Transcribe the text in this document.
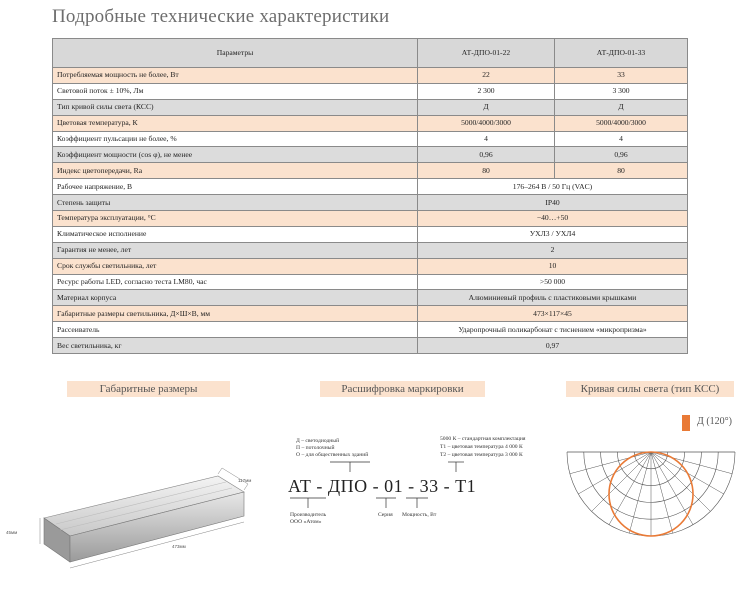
Подробные технические характеристики
Параметры	АТ-ДПО-01-22	АТ-ДПО-01-33
Потребляемая мощность не более, Вт	22	33
Световой поток ± 10%, Лм	2 300	3 300
Тип кривой силы света (КСС)	Д	Д
Цветовая температура, К	5000/4000/3000	5000/4000/3000
Коэффициент пульсации не более, %	4	4
Коэффициент мощности (cos φ), не менее	0,96	0,96
Индекс цветопередачи, Ra	80	80
Рабочее напряжение, В	176–264 В / 50 Гц (VAC)	
Степень защиты	IP40	
Температура эксплуатации, °С	−40…+50	
Климатическое исполнение	УХЛ3 / УХЛ4	
Гарантия не менее, лет	2	
Срок службы светильника, лет	10	
Ресурс работы LED, согласно теста LM80, час	>50 000	
Материал корпуса	Алюминиевый профиль с пластиковыми крышками	
Габаритные размеры светильника, Д×Ш×В, мм	473×117×45	
Рассеиватель	Ударопрочный поликарбонат с тиснением «микропризма»	
Вес светильника, кг	0,97	
Габаритные размеры	Расшифровка маркировки	Кривая силы света (тип КСС)
117мм
45мм
473мм
Д – светодиодный
П – потолочный
О – для общественных зданий
5000 К – стандартная комплектация
Т1 – цветовая температура 4 000 К
Т2 – цветовая температура 3 000 К
АТ - ДПО - 01 - 33 - Т1
Производитель
ООО «Атом»
Серия Мощность, Вт
Д (120°)
